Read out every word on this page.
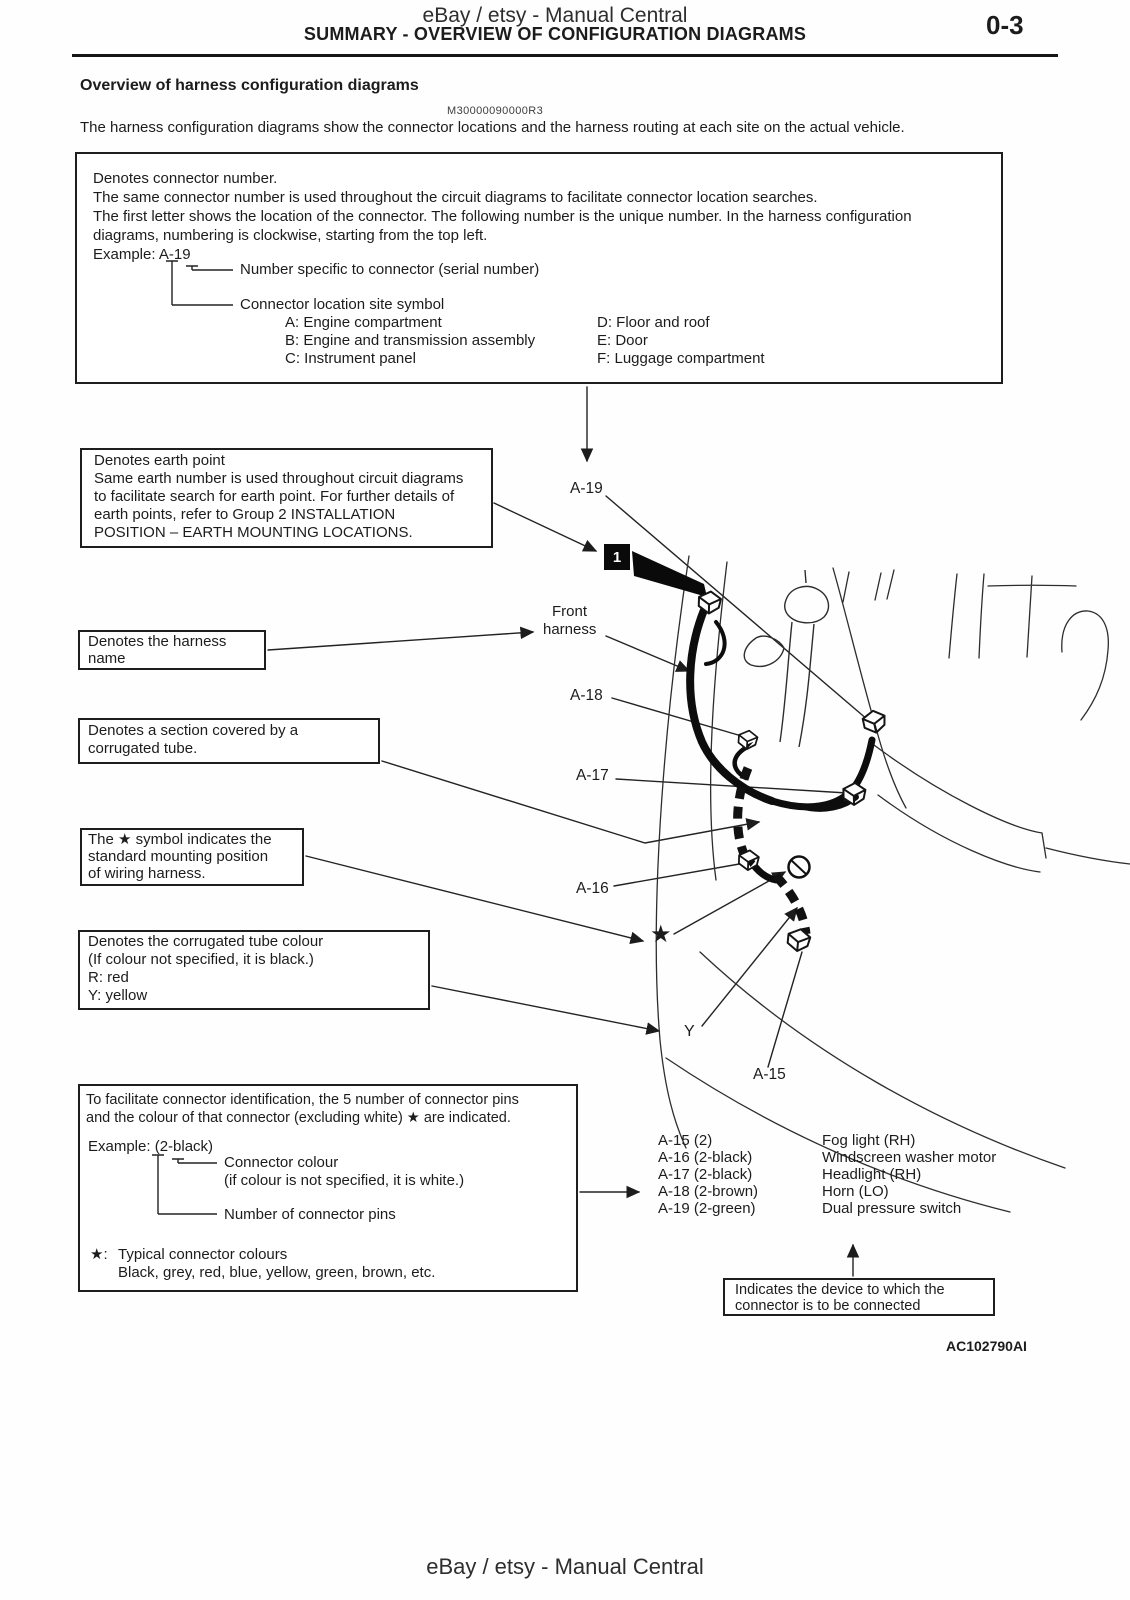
eBay / etsy - Manual Central
SUMMARY - OVERVIEW OF CONFIGURATION DIAGRAMS	0-3
Overview of harness configuration diagrams
M30000090000R3
The harness configuration diagrams show the connector locations and the harness routing at each site on the actual vehicle.
Denotes connector number.
The same connector number is used throughout the circuit diagrams to facilitate connector location searches.
The first letter shows the location of the connector. The following number is the unique number. In the harness configuration
diagrams, numbering is clockwise, starting from the top left.
Example: A-19
Number specific to connector (serial number)
Connector location site symbol
A: Engine compartment
B: Engine and transmission assembly
C: Instrument panel
D: Floor and roof
E: Door
F: Luggage compartment
Denotes earth point
Same earth number is used throughout circuit diagrams
to facilitate search for earth point. For further details of
earth points, refer to Group 2 INSTALLATION
POSITION – EARTH MOUNTING LOCATIONS.
Denotes the harness
name
Denotes a section covered by a
corrugated tube.
The ★ symbol indicates the
standard mounting position
of wiring harness.
Denotes the corrugated tube colour
(If colour not specified, it is black.)
R: red
Y: yellow
To facilitate connector identification, the 5 number of connector pins
and the colour of that connector (excluding white) ★ are indicated.
Example: (2-black)
Connector colour
(if colour is not specified, it is white.)
Number of connector pins
★: Typical connector colours
Black, grey, red, blue, yellow, green, brown, etc.
A-15 (2)
A-16 (2-black)
A-17 (2-black)
A-18 (2-brown)
A-19 (2-green)
Fog light (RH)
Windscreen washer motor
Headlight (RH)
Horn (LO)
Dual pressure switch
Indicates the device to which the
connector is to be connected
A-19
1
Front
harness
A-18
A-17
A-16
★
Y
A-15
AC102790AI
eBay / etsy - Manual Central
